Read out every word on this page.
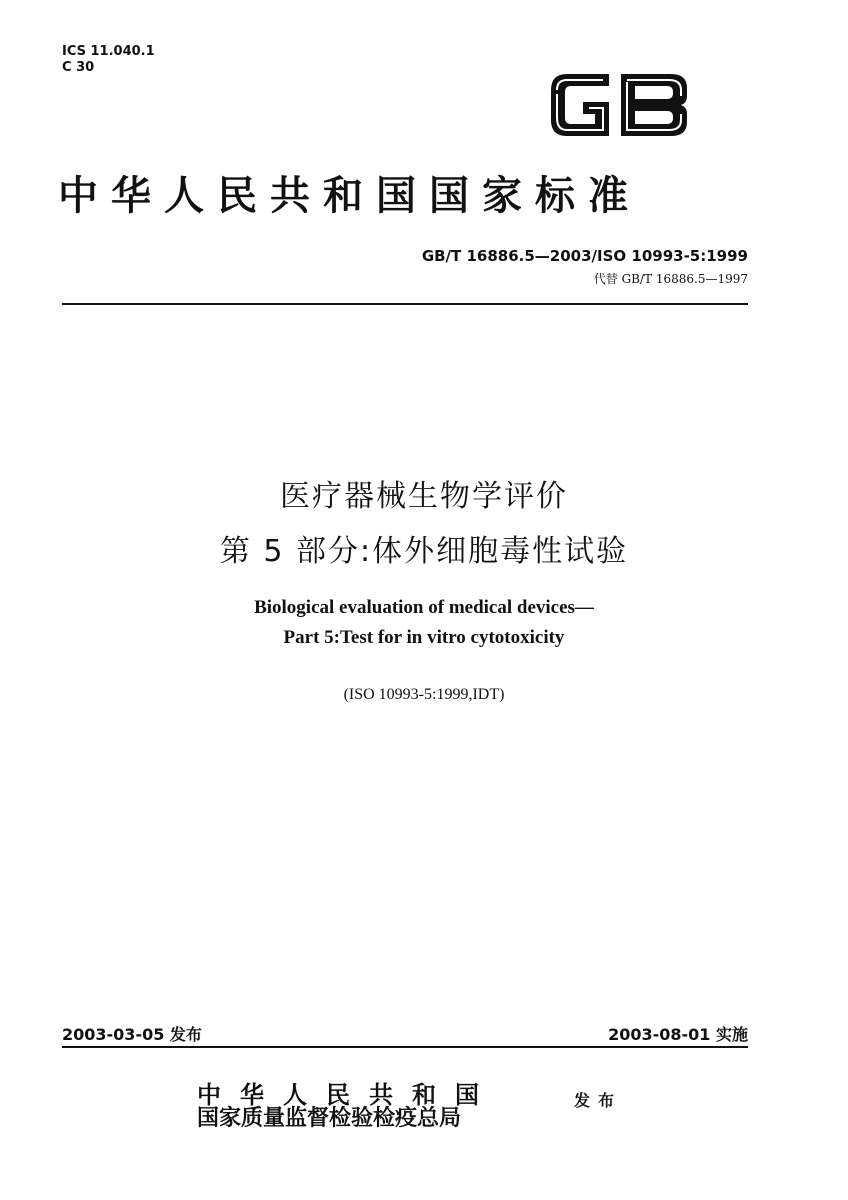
ICS 11.040.1
C 30
中华人民共和国国家标准
GB/T 16886.5—2003/ISO 10993-5:1999
代替 GB/T 16886.5—1997
医疗器械生物学评价
第 5 部分:体外细胞毒性试验
Biological evaluation of medical devices—
Part 5:Test for in vitro cytotoxicity
(ISO 10993-5:1999,IDT)
2003-03-05 发布	2003-08-01 实施
中华人民共和国
国家质量监督检验检疫总局
发布
